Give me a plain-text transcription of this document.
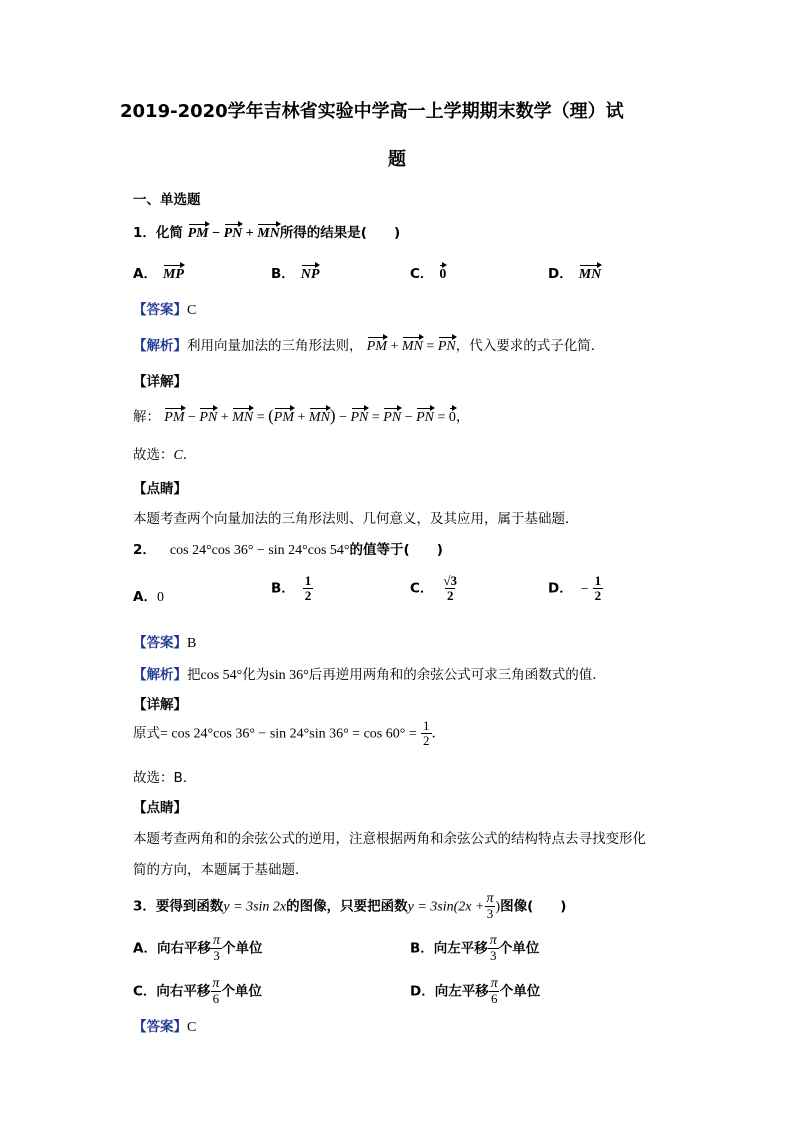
2019-2020学年吉林省实验中学高一上学期期末数学（理）试
题
一、单选题
1．化简 PM − PN + MN所得的结果是(　　)
A． MP	B． NP	C． 0	D． MN
【答案】C
【解析】利用向量加法的三角形法则， PM + MN = PN，代入要求的式子化简．
【详解】
解： PM − PN + MN = (PM + MN) − PN = PN − PN = 0，
故选：C．
【点睛】
本题考查两个向量加法的三角形法则、几何意义，及其应用，属于基础题．
2． cos 24°cos 36° − sin 24°cos 54°的值等于(　　)
A．0
B． $\frac{1}{2}$	C． $\frac{√3}{2}$	D． − $\frac{1}{2}$
【答案】B
【解析】把cos 54°化为sin 36°后再逆用两角和的余弦公式可求三角函数式的值．
【详解】
原式= cos 24°cos 36° − sin 24°sin $36^\circ = \cos 60^\circ = \frac{1}{2}$ ．
故选：B.
【点睛】
本题考查两角和的余弦公式的逆用，注意根据两角和余弦公式的结构特点去寻找变形化
简的方向，本题属于基础题．
3．要得到函数y = 3sin 2x的图像，只要把函数$y = 3\sin(2x + \frac{\pi}{3}$ )图像(　　)
A．向右平移 $\frac{\pi}{3}$ 个单位	B．向左平移 $\frac{\pi}{3}$ 个单位
C．向右平移 $\frac{\pi}{6}$ 个单位	D．向左平移 $\frac{\pi}{6}$ 个单位
【答案】C
